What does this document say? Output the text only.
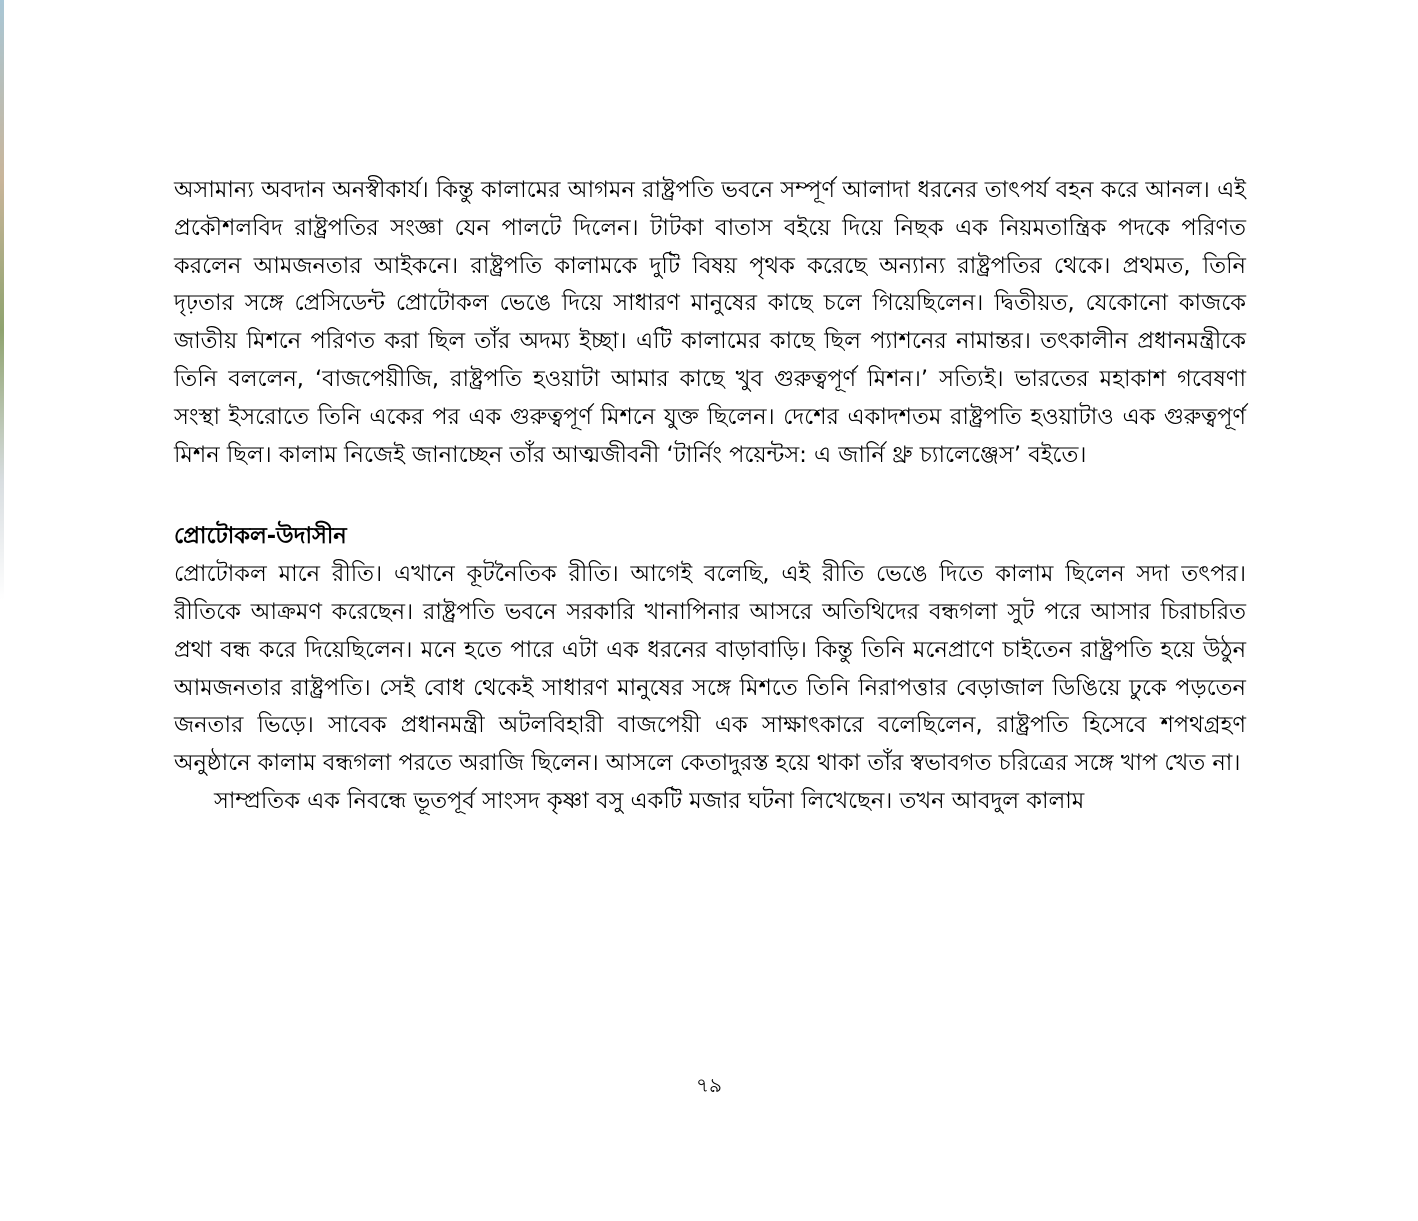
অসামান্য অবদান অনস্বীকার্য। কিন্তু কালামের আগমন রাষ্ট্রপতি ভবনে সম্পূর্ণ আলাদা ধরনের তাৎপর্য বহন করে আনল। এই প্রকৌশলবিদ রাষ্ট্রপতির সংজ্ঞা যেন পালটে দিলেন। টাটকা বাতাস বইয়ে দিয়ে নিছক এক নিয়মতান্ত্রিক পদকে পরিণত করলেন আমজনতার আইকনে। রাষ্ট্রপতি কালামকে দুটি বিষয় পৃথক করেছে অন্যান্য রাষ্ট্রপতির থেকে। প্রথমত, তিনি দৃঢ়তার সঙ্গে প্রেসিডেন্ট প্রোটোকল ভেঙে দিয়ে সাধারণ মানুষের কাছে চলে গিয়েছিলেন। দ্বিতীয়ত, যেকোনো কাজকে জাতীয় মিশনে পরিণত করা ছিল তাঁর অদম্য ইচ্ছা। এটি কালামের কাছে ছিল প্যাশনের নামান্তর। তৎকালীন প্রধানমন্ত্রীকে তিনি বললেন, ‘বাজপেয়ীজি, রাষ্ট্রপতি হওয়াটা আমার কাছে খুব গুরুত্বপূর্ণ মিশন।’ সত্যিই। ভারতের মহাকাশ গবেষণা সংস্থা ইসরোতে তিনি একের পর এক গুরুত্বপূর্ণ মিশনে যুক্ত ছিলেন। দেশের একাদশতম রাষ্ট্রপতি হওয়াটাও এক গুরুত্বপূর্ণ মিশন ছিল। কালাম নিজেই জানাচ্ছেন তাঁর আত্মজীবনী ‘টার্নিং পয়েন্টস: এ জার্নি থ্রু চ্যালেঞ্জেস’ বইতে।

প্রোটোকল-উদাসীন

প্রোটোকল মানে রীতি। এখানে কূটনৈতিক রীতি। আগেই বলেছি, এই রীতি ভেঙে দিতে কালাম ছিলেন সদা তৎপর। রীতিকে আক্রমণ করেছেন। রাষ্ট্রপতি ভবনে সরকারি খানাপিনার আসরে অতিথিদের বন্ধগলা সুট পরে আসার চিরাচরিত প্রথা বন্ধ করে দিয়েছিলেন। মনে হতে পারে এটা এক ধরনের বাড়াবাড়ি। কিন্তু তিনি মনেপ্রাণে চাইতেন রাষ্ট্রপতি হয়ে উঠুন আমজনতার রাষ্ট্রপতি। সেই বোধ থেকেই সাধারণ মানুষের সঙ্গে মিশতে তিনি নিরাপত্তার বেড়াজাল ডিঙিয়ে ঢুকে পড়তেন জনতার ভিড়ে। সাবেক প্রধানমন্ত্রী অটলবিহারী বাজপেয়ী এক সাক্ষাৎকারে বলেছিলেন, রাষ্ট্রপতি হিসেবে শপথগ্রহণ অনুষ্ঠানে কালাম বন্ধগলা পরতে অরাজি ছিলেন। আসলে কেতাদুরস্ত হয়ে থাকা তাঁর স্বভাবগত চরিত্রের সঙ্গে খাপ খেত না।

সাম্প্রতিক এক নিবন্ধে ভূতপূর্ব সাংসদ কৃষ্ণা বসু একটি মজার ঘটনা লিখেছেন। তখন আবদুল কালাম

৭৯
